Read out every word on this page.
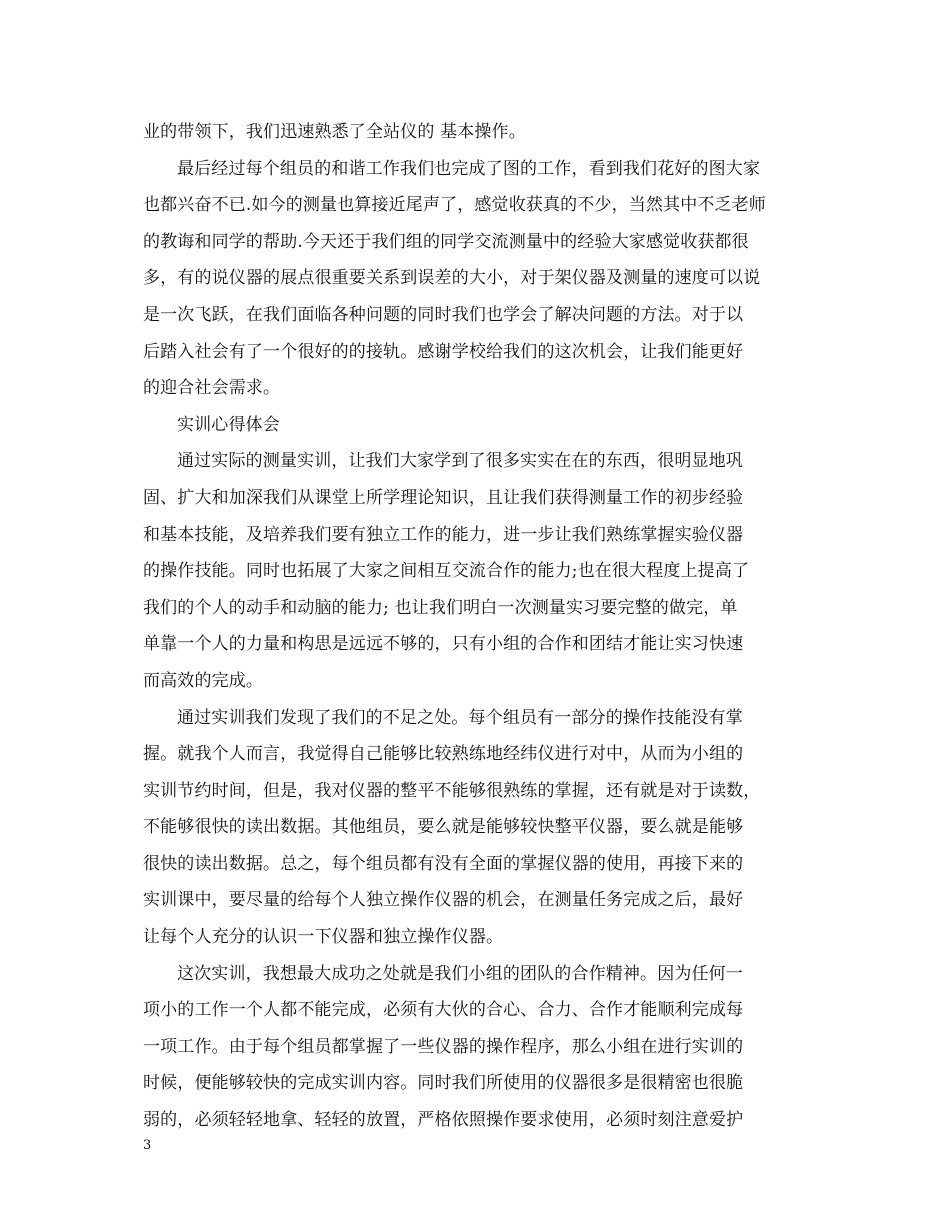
业的带领下，我们迅速熟悉了全站仪的 基本操作。
最后经过每个组员的和谐工作我们也完成了图的工作，看到我们花好的图大家
也都兴奋不已.如今的测量也算接近尾声了，感觉收获真的不少，当然其中不乏老师
的教诲和同学的帮助.今天还于我们组的同学交流测量中的经验大家感觉收获都很
多，有的说仪器的展点很重要关系到误差的大小，对于架仪器及测量的速度可以说
是一次飞跃，在我们面临各种问题的同时我们也学会了解决问题的方法。对于以
后踏入社会有了一个很好的的接轨。感谢学校给我们的这次机会，让我们能更好
的迎合社会需求。
实训心得体会
通过实际的测量实训，让我们大家学到了很多实实在在的东西，很明显地巩
固、扩大和加深我们从课堂上所学理论知识，且让我们获得测量工作的初步经验
和基本技能，及培养我们要有独立工作的能力，进一步让我们熟练掌握实验仪器
的操作技能。同时也拓展了大家之间相互交流合作的能力;也在很大程度上提高了
我们的个人的动手和动脑的能力; 也让我们明白一次测量实习要完整的做完，单
单靠一个人的力量和构思是远远不够的，只有小组的合作和团结才能让实习快速
而高效的完成。
通过实训我们发现了我们的不足之处。每个组员有一部分的操作技能没有掌
握。就我个人而言，我觉得自己能够比较熟练地经纬仪进行对中，从而为小组的
实训节约时间，但是，我对仪器的整平不能够很熟练的掌握，还有就是对于读数，
不能够很快的读出数据。其他组员，要么就是能够较快整平仪器，要么就是能够
很快的读出数据。总之，每个组员都有没有全面的掌握仪器的使用，再接下来的
实训课中，要尽量的给每个人独立操作仪器的机会，在测量任务完成之后，最好
让每个人充分的认识一下仪器和独立操作仪器。
这次实训，我想最大成功之处就是我们小组的团队的合作精神。因为任何一
项小的工作一个人都不能完成，必须有大伙的合心、合力、合作才能顺利完成每
一项工作。由于每个组员都掌握了一些仪器的操作程序，那么小组在进行实训的
时候，便能够较快的完成实训内容。同时我们所使用的仪器很多是很精密也很脆
弱的，必须轻轻地拿、轻轻的放置，严格依照操作要求使用，必须时刻注意爱护
3
